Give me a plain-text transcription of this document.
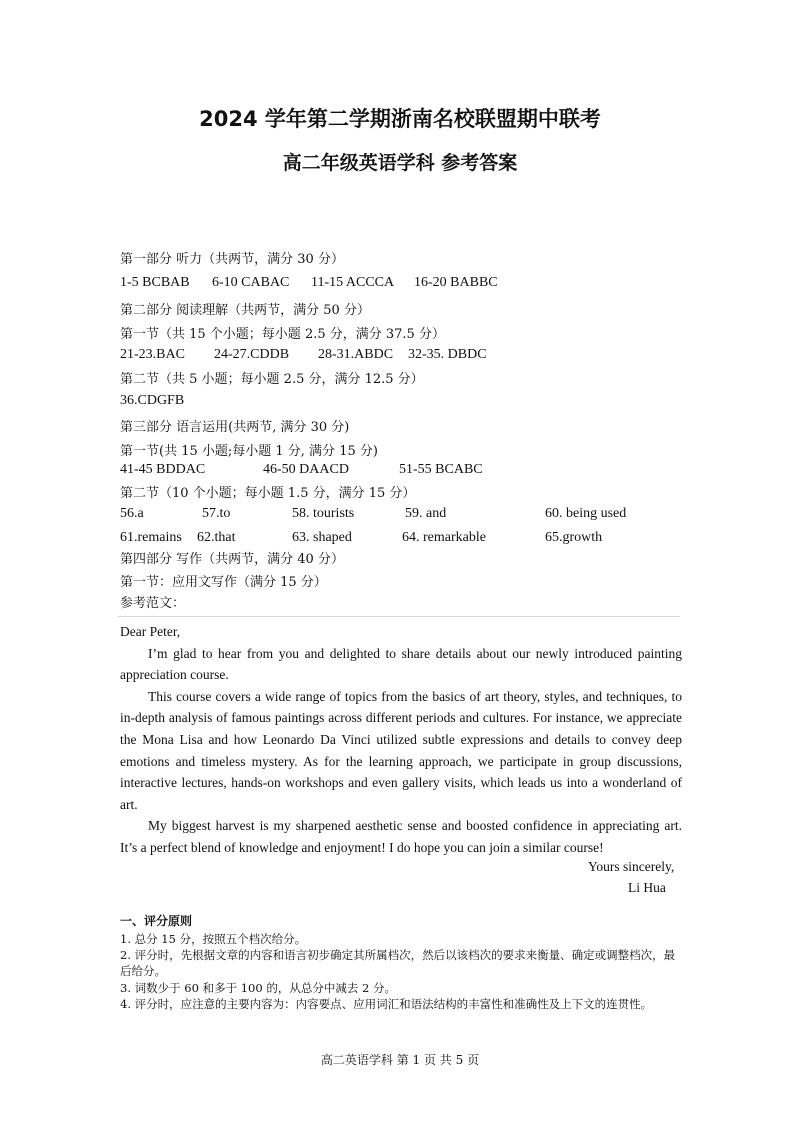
2024 学年第二学期浙南名校联盟期中联考
高二年级英语学科 参考答案
第一部分 听力（共两节，满分 30 分）
1-5 BCBAB 6-10 CABAC 11-15 ACCCA 16-20 BABBC
第二部分 阅读理解（共两节，满分 50 分）
第一节（共 15 个小题；每小题 2.5 分，满分 37.5 分）
21-23.BAC 24-27.CDDB 28-31.ABDC 32-35. DBDC
第二节（共 5 小题；每小题 2.5 分，满分 12.5 分）
36.CDGFB
第三部分 语言运用(共两节, 满分 30 分)
第一节(共 15 小题;每小题 1 分, 满分 15 分)
41-45 BDDAC	46-50 DAACD	51-55 BCABC
第二节（10 个小题；每小题 1.5 分，满分 15 分）
56.a	57.to	58. tourists	59. and	60. being used
61.remains 62.that	63. shaped	64. remarkable	65.growth
第四部分 写作（共两节，满分 40 分）
第一节：应用文写作（满分 15 分）
参考范文：
Dear Peter,

I’m glad to hear from you and delighted to share details about our newly introduced painting appreciation course.

This course covers a wide range of topics from the basics of art theory, styles, and techniques, to in-depth analysis of famous paintings across different periods and cultures. For instance, we appreciate the Mona Lisa and how Leonardo Da Vinci utilized subtle expressions and details to convey deep emotions and timeless mystery. As for the learning approach, we participate in group discussions, interactive lectures, hands-on workshops and even gallery visits, which leads us into a wonderland of art.

My biggest harvest is my sharpened aesthetic sense and boosted confidence in appreciating art. It’s a perfect blend of knowledge and enjoyment! I do hope you can join a similar course!

Yours sincerely,
Li Hua
一、评分原则
1. 总分 15 分，按照五个档次给分。
2. 评分时，先根据文章的内容和语言初步确定其所属档次，然后以该档次的要求来衡量、确定或调整档次，最后给分。
3. 词数少于 60 和多于 100 的，从总分中减去 2 分。
4. 评分时，应注意的主要内容为：内容要点、应用词汇和语法结构的丰富性和准确性及上下文的连贯性。
高二英语学科 第 1 页 共 5 页
